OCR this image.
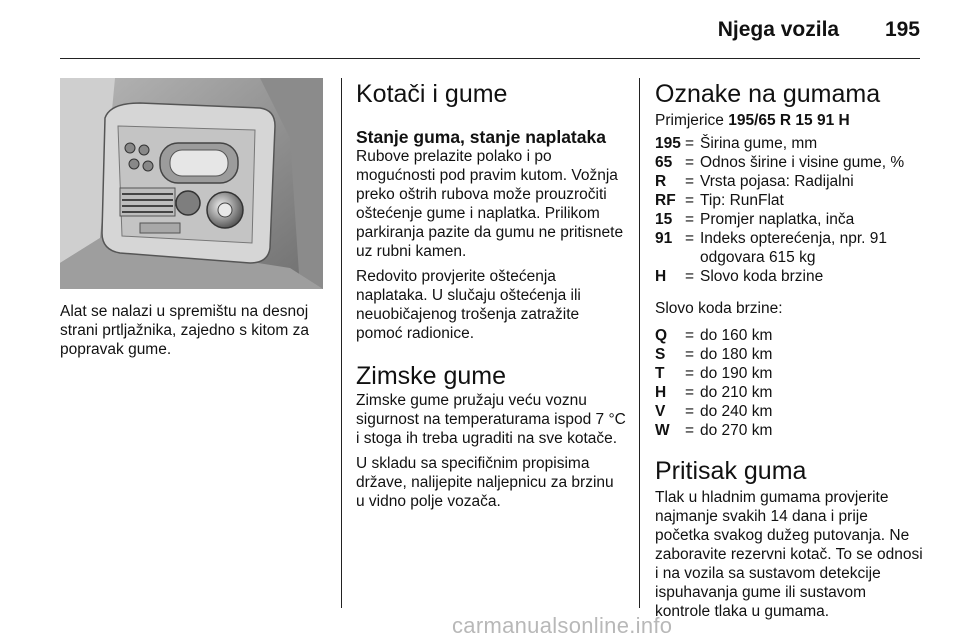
Njega vozila 195
Alat se nalazi u spremištu na desnoj strani prtljažnika, zajedno s kitom za popravak gume.
Kotači i gume
Stanje guma, stanje naplataka
Rubove prelazite polako i po mogućnosti pod pravim kutom. Vožnja preko oštrih rubova može prouzročiti oštećenje gume i naplatka. Prilikom parkiranja pazite da gumu ne pritisnete uz rubni kamen.
Redovito provjerite oštećenja naplataka. U slučaju oštećenja ili neuobičajenog trošenja zatražite pomoć radionice.
Zimske gume
Zimske gume pružaju veću voznu sigurnost na temperaturama ispod 7 °C i stoga ih treba ugraditi na sve kotače.
U skladu sa specifičnim propisima države, nalijepite naljepnicu za brzinu u vidno polje vozača.
Oznake na gumama
Primjerice 195/65 R 15 91 H
195 = Širina gume, mm
65 = Odnos širine i visine gume, %
R	= Vrsta pojasa: Radijalni
RF = Tip: RunFlat
15 = Promjer naplatka, inča
91 = Indeks opterećenja, npr. 91 odgovara 615 kg
H	= Slovo koda brzine
Slovo koda brzine:
Q	= do 160 km
S	= do 180 km
T	= do 190 km
H	= do 210 km
V	= do 240 km
W = do 270 km
Pritisak guma
Tlak u hladnim gumama provjerite najmanje svakih 14 dana i prije početka svakog dužeg putovanja. Ne zaboravite rezervni kotač. To se odnosi i na vozila sa sustavom detekcije ispuhavanja gume ili sustavom kontrole tlaka u gumama.
carmanualsonline.info
